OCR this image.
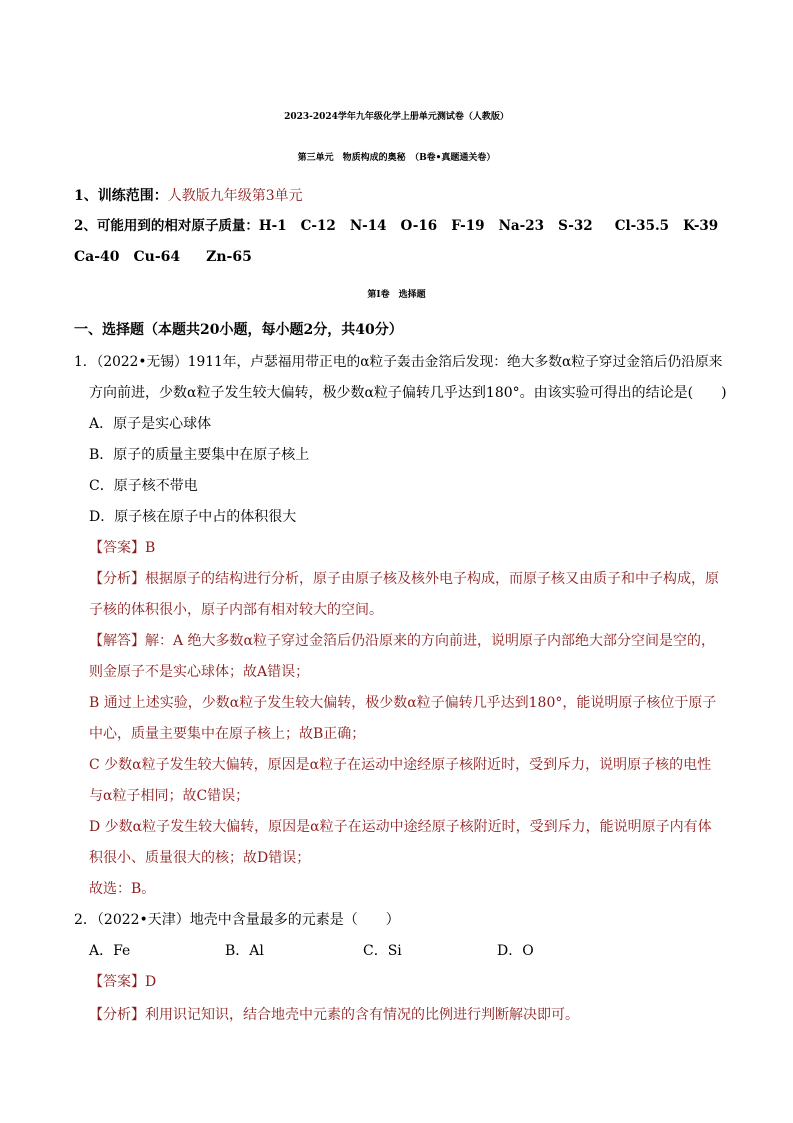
2023-2024学年九年级化学上册单元测试卷（人教版）
第三单元　物质构成的奥秘　（B卷•真题通关卷）
1、训练范围：人教版九年级第3单元
2、可能用到的相对原子质量：H-1 C-12 N-14 O-16 F-19 Na-23 S-32 Cl-35.5 K-39
Ca-40 Cu-64 Zn-65
第Ⅰ卷　选择题
一、选择题（本题共20小题，每小题2分，共40分）
1．（2022•无锡）1911年，卢瑟福用带正电的α粒子轰击金箔后发现：绝大多数α粒子穿过金箔后仍沿原来
方向前进，少数α粒子发生较大偏转，极少数α粒子偏转几乎达到180°。由该实验可得出的结论是(　　)
A．原子是实心球体
B．原子的质量主要集中在原子核上
C．原子核不带电
D．原子核在原子中占的体积很大
【答案】B
【分析】根据原子的结构进行分析，原子由原子核及核外电子构成，而原子核又由质子和中子构成，原
子核的体积很小，原子内部有相对较大的空间。
【解答】解：A 绝大多数α粒子穿过金箔后仍沿原来的方向前进，说明原子内部绝大部分空间是空的，
则金原子不是实心球体；故A错误；
B 通过上述实验，少数α粒子发生较大偏转，极少数α粒子偏转几乎达到180°，能说明原子核位于原子
中心，质量主要集中在原子核上；故B正确；
C 少数α粒子发生较大偏转，原因是α粒子在运动中途经原子核附近时，受到斥力，说明原子核的电性
与α粒子相同；故C错误；
D 少数α粒子发生较大偏转，原因是α粒子在运动中途经原子核附近时，受到斥力，能说明原子内有体
积很小、质量很大的核；故D错误；
故选：B。
2．（2022•天津）地壳中含量最多的元素是（　　）
A．Fe	B．Al	C．Si	D．O
【答案】D
【分析】利用识记知识，结合地壳中元素的含有情况的比例进行判断解决即可。
